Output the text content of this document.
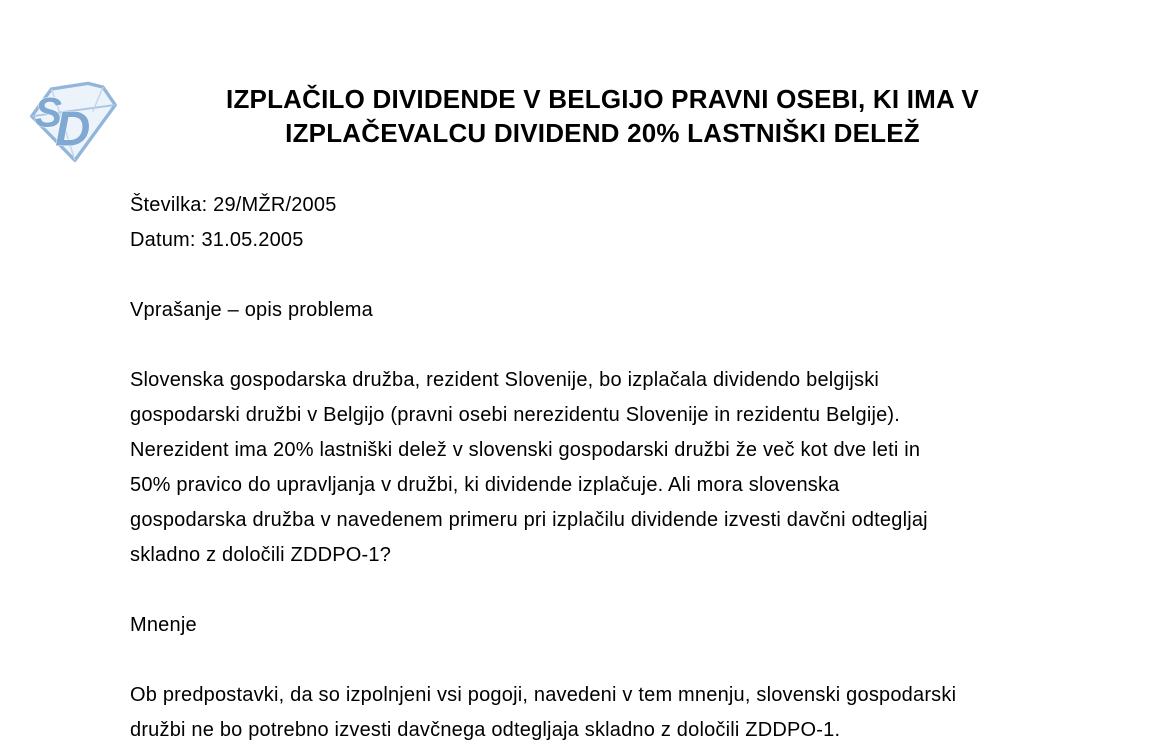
S
D
IZPLAČILO DIVIDENDE V BELGIJO PRAVNI OSEBI, KI IMA V
IZPLAČEVALCU DIVIDEND 20% LASTNIŠKI DELEŽ
Številka: 29/MŽR/2005
Datum: 31.05.2005
Vprašanje – opis problema
Slovenska gospodarska družba, rezident Slovenije, bo izplačala dividendo belgijski
gospodarski družbi v Belgijo (pravni osebi nerezidentu Slovenije in rezidentu Belgije).
Nerezident ima 20% lastniški delež v slovenski gospodarski družbi že več kot dve leti in
50% pravico do upravljanja v družbi, ki dividende izplačuje. Ali mora slovenska
gospodarska družba v navedenem primeru pri izplačilu dividende izvesti davčni odtegljaj
skladno z določili ZDDPO-1?
Mnenje
Ob predpostavki, da so izpolnjeni vsi pogoji, navedeni v tem mnenju, slovenski gospodarski
družbi ne bo potrebno izvesti davčnega odtegljaja skladno z določili ZDDPO-1.
